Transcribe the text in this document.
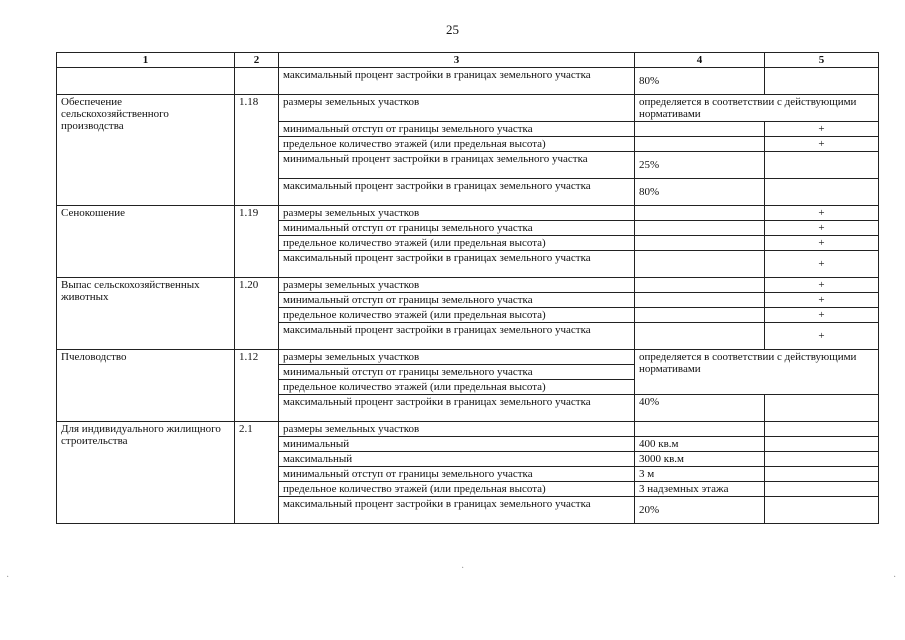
25
1	2	3	4	5
		максимальный процент застройки в границах земельного участка	80%	
Обеспечение сельскохозяйственного производства	1.18	размеры земельных участков	определяется в соответствии с действующими нормативами	
		минимальный отступ от границы земельного участка		+
		предельное количество этажей (или предельная высота)		+
		минимальный процент застройки в границах земельного участка	25%	
		максимальный процент застройки в границах земельного участка	80%	
Сенокошение	1.19	размеры земельных участков		+
		минимальный отступ от границы земельного участка		+
		предельное количество этажей (или предельная высота)		+
		максимальный процент застройки в границах земельного участка		+
Выпас сельскохозяйственных животных	1.20	размеры земельных участков		+
		минимальный отступ от границы земельного участка		+
		предельное количество этажей (или предельная высота)		+
		максимальный процент застройки в границах земельного участка		+
Пчеловодство	1.12	размеры земельных участков	определяется в соответствии с действующими нормативами	
		минимальный отступ от границы земельного участка		
		предельное количество этажей (или предельная высота)		
		максимальный процент застройки в границах земельного участка	40%	
Для индивидуального жилищного строительства	2.1	размеры земельных участков		
		минимальный	400 кв.м	
		максимальный	3000 кв.м	
		минимальный отступ от границы земельного участка	3 м	
		предельное количество этажей (или предельная высота)	3 надземных этажа	
		максимальный процент застройки в границах земельного участка	20%	
·
·
·
